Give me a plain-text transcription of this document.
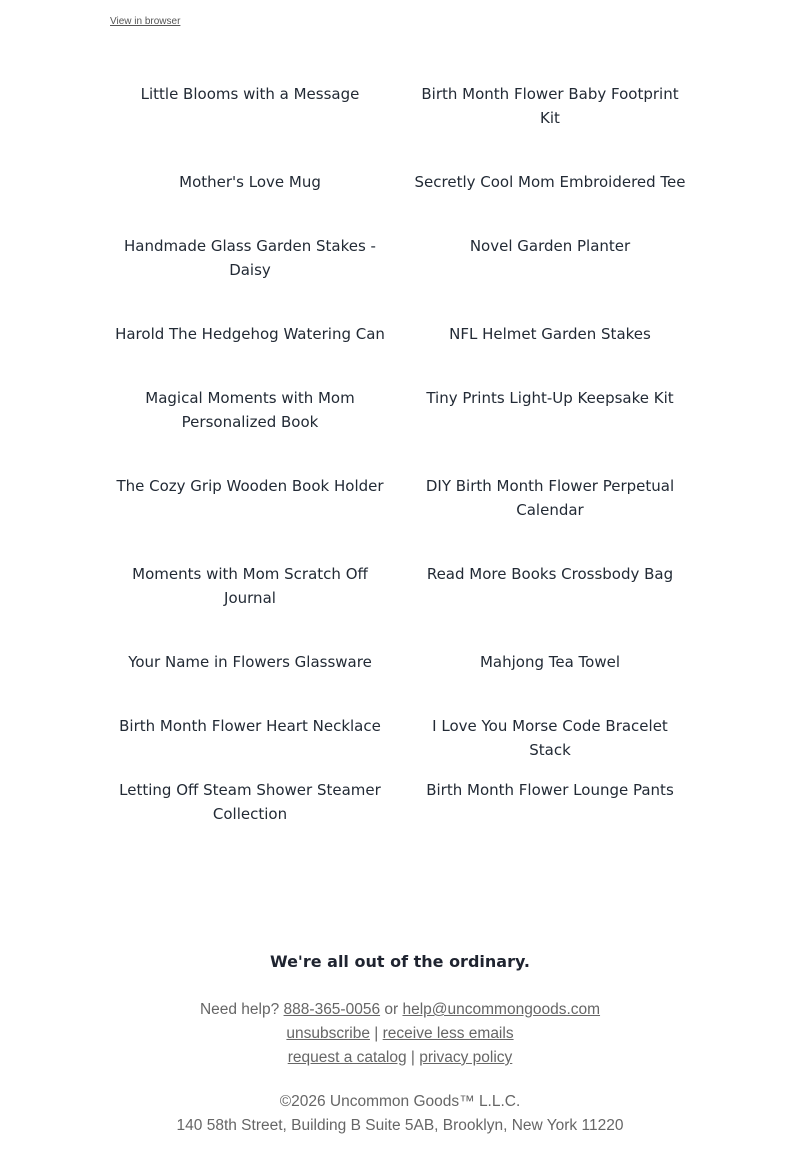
View in browser
Little Blooms with a Message	Birth Month Flower Baby Footprint Kit
Mother's Love Mug	Secretly Cool Mom Embroidered Tee
Handmade Glass Garden Stakes - Daisy
Novel Garden Planter
Harold The Hedgehog Watering Can	NFL Helmet Garden Stakes
Magical Moments with Mom Personalized Book
Tiny Prints Light-Up Keepsake Kit
The Cozy Grip Wooden Book Holder	DIY Birth Month Flower Perpetual Calendar
Moments with Mom Scratch Off Journal
Read More Books Crossbody Bag
Your Name in Flowers Glassware	Mahjong Tea Towel
Birth Month Flower Heart Necklace	I Love You Morse Code Bracelet Stack
Letting Off Steam Shower Steamer Collection
Birth Month Flower Lounge Pants
We're all out of the ordinary.
Need help? 888-365-0056 or help@uncommongoods.com
unsubscribe | receive less emails
request a catalog | privacy policy
©2026 Uncommon Goods™ L.L.C.
140 58th Street, Building B Suite 5AB, Brooklyn, New York 11220
